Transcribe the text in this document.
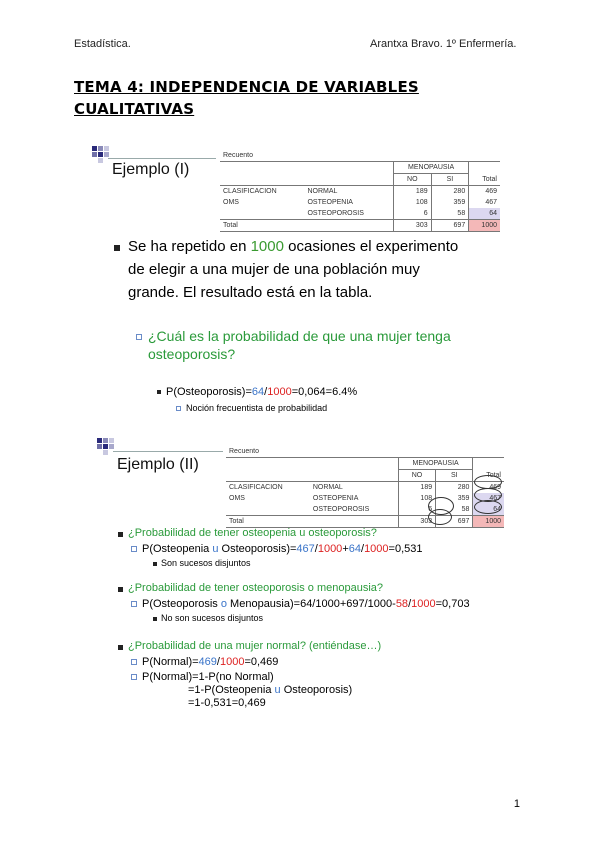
Estadística.	Arantxa Bravo. 1º Enfermería.
TEMA 4: INDEPENDENCIA DE VARIABLES
CUALITATIVAS
Ejemplo (I)
Recuento				
		MENOPAUSIA		
		NO	SI	Total
CLASIFICACION	NORMAL	189	280	469
OMS	OSTEOPENIA	108	359	467
	OSTEOPOROSIS	6	58	64
Total		303	697	1000
Se ha repetido en 1000 ocasiones el experimento
de elegir a una mujer de una población muy
grande. El resultado está en la tabla.
¿Cuál es la probabilidad de que una mujer tenga
osteoporosis?
P(Osteoporosis)=64/1000=0,064=6.4%
Noción frecuentista de probabilidad
Ejemplo (II)
Recuento				
		MENOPAUSIA		
		NO	SI	Total
CLASIFICACION	NORMAL	189	280	469
OMS	OSTEOPENIA	108	359	467
	OSTEOPOROSIS	6	58	64
Total		303	697	1000
¿Probabilidad de tener osteopenia u osteoporosis?
P(Osteopenia u Osteoporosis)=467/1000+64/1000=0,531
Son sucesos disjuntos
¿Probabilidad de tener osteoporosis o menopausia?
P(Osteoporosis o Menopausia)=64/1000+697/1000-58/1000=0,703
No son sucesos disjuntos
¿Probabilidad de una mujer normal? (entiéndase…)
P(Normal)=469/1000=0,469
P(Normal)=1-P(no Normal)
=1-P(Osteopenia u Osteoporosis)
=1-0,531=0,469
1
